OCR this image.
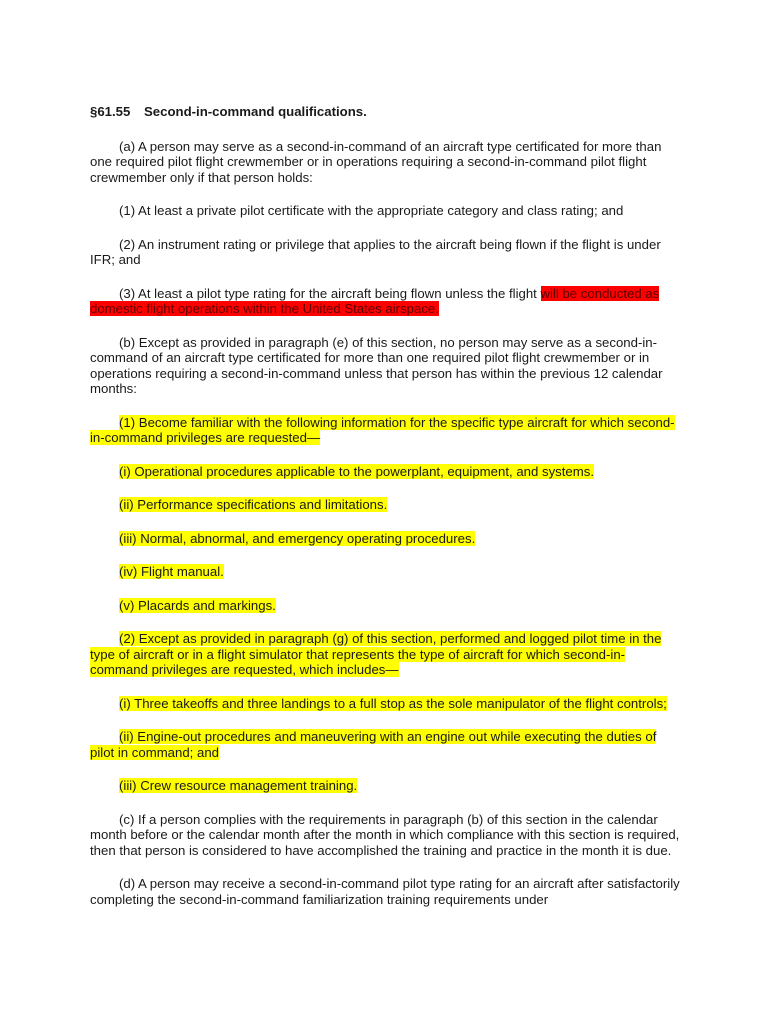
§61.55 Second-in-command qualifications.

(a) A person may serve as a second-in-command of an aircraft type certificated for more than one required pilot flight crewmember or in operations requiring a second-in-command pilot flight crewmember only if that person holds:

(1) At least a private pilot certificate with the appropriate category and class rating; and

(2) An instrument rating or privilege that applies to the aircraft being flown if the flight is under IFR; and

(3) At least a pilot type rating for the aircraft being flown unless the flight will be conducted as domestic flight operations within the United States airspace.

(b) Except as provided in paragraph (e) of this section, no person may serve as a second-in-command of an aircraft type certificated for more than one required pilot flight crewmember or in operations requiring a second-in-command unless that person has within the previous 12 calendar months:

(1) Become familiar with the following information for the specific type aircraft for which second-in-command privileges are requested—

(i) Operational procedures applicable to the powerplant, equipment, and systems.

(ii) Performance specifications and limitations.

(iii) Normal, abnormal, and emergency operating procedures.

(iv) Flight manual.

(v) Placards and markings.

(2) Except as provided in paragraph (g) of this section, performed and logged pilot time in the type of aircraft or in a flight simulator that represents the type of aircraft for which second-in-command privileges are requested, which includes—

(i) Three takeoffs and three landings to a full stop as the sole manipulator of the flight controls;

(ii) Engine-out procedures and maneuvering with an engine out while executing the duties of pilot in command; and

(iii) Crew resource management training.

(c) If a person complies with the requirements in paragraph (b) of this section in the calendar month before or the calendar month after the month in which compliance with this section is required, then that person is considered to have accomplished the training and practice in the month it is due.

(d) A person may receive a second-in-command pilot type rating for an aircraft after satisfactorily completing the second-in-command familiarization training requirements under
